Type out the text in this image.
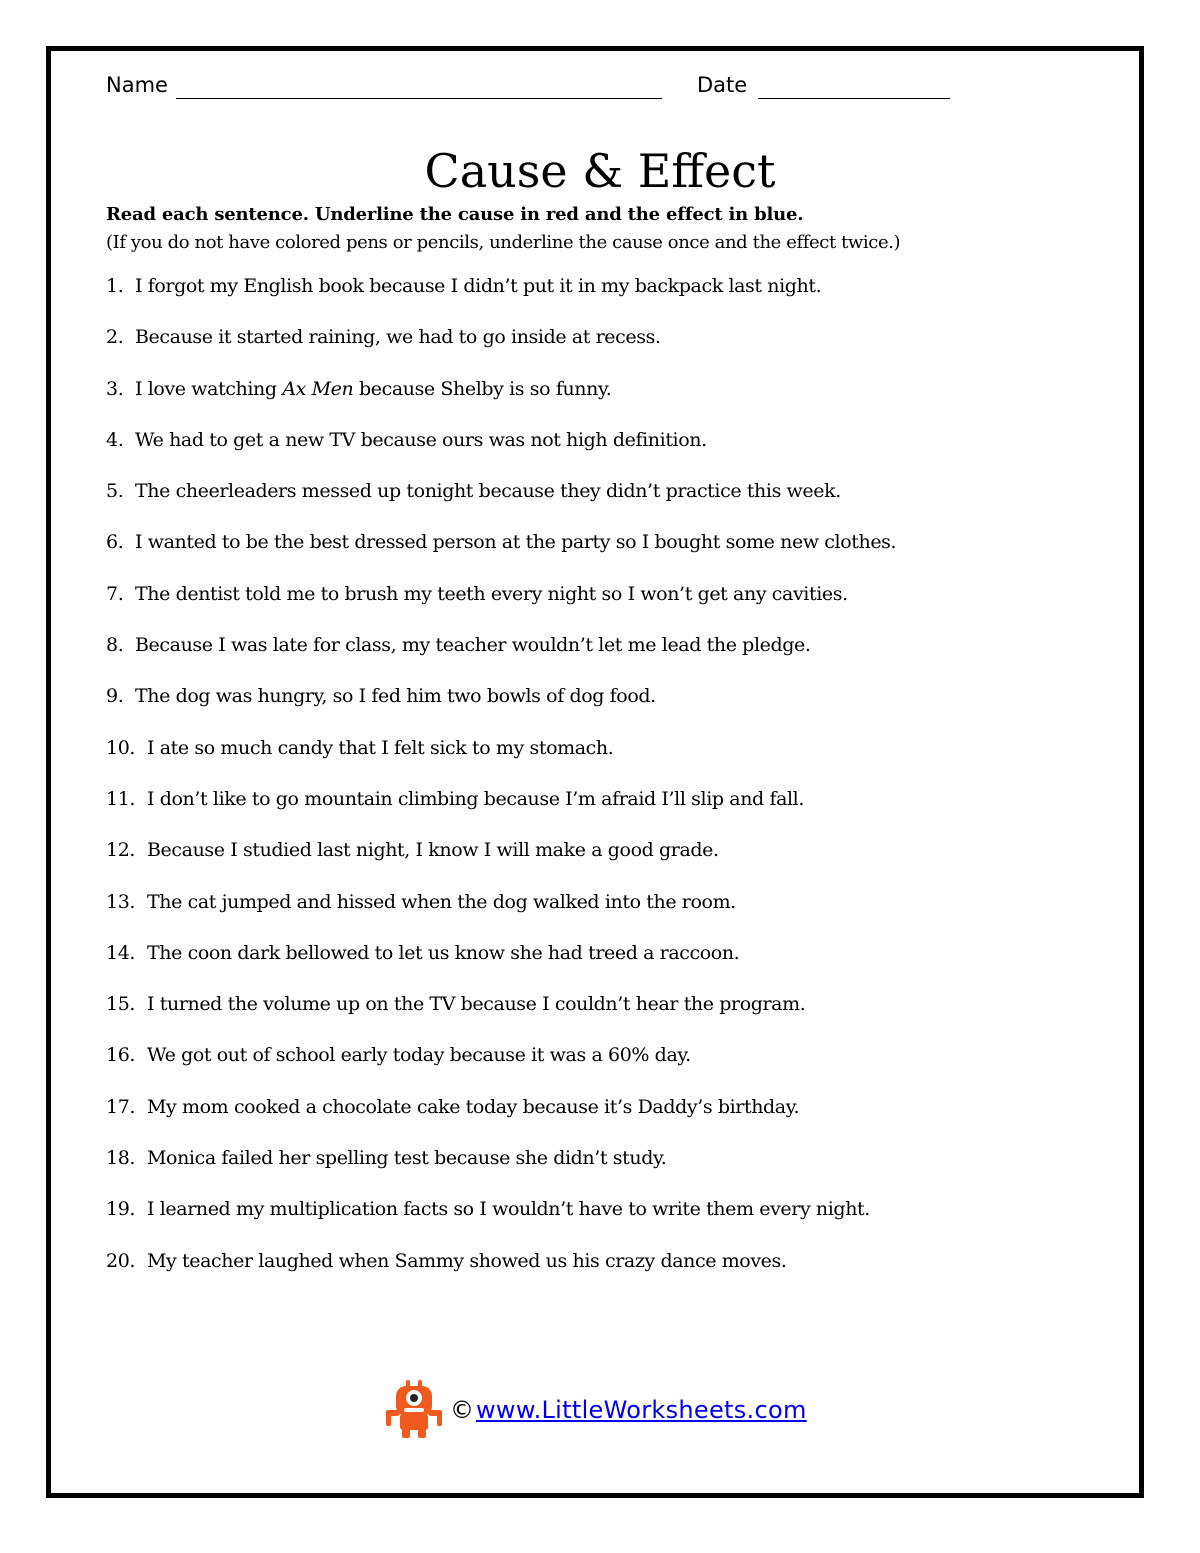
Name	Date
Cause & Effect
Read each sentence. Underline the cause in red and the effect in blue.
(If you do not have colored pens or pencils, underline the cause once and the effect twice.)
1. I forgot my English book because I didn’t put it in my backpack last night.
2. Because it started raining, we had to go inside at recess.
3. I love watching Ax Men because Shelby is so funny.
4. We had to get a new TV because ours was not high definition.
5. The cheerleaders messed up tonight because they didn’t practice this week.
6. I wanted to be the best dressed person at the party so I bought some new clothes.
7. The dentist told me to brush my teeth every night so I won’t get any cavities.
8. Because I was late for class, my teacher wouldn’t let me lead the pledge.
9. The dog was hungry, so I fed him two bowls of dog food.
10. I ate so much candy that I felt sick to my stomach.
11. I don’t like to go mountain climbing because I’m afraid I’ll slip and fall.
12. Because I studied last night, I know I will make a good grade.
13. The cat jumped and hissed when the dog walked into the room.
14. The coon dark bellowed to let us know she had treed a raccoon.
15. I turned the volume up on the TV because I couldn’t hear the program.
16. We got out of school early today because it was a 60% day.
17. My mom cooked a chocolate cake today because it’s Daddy’s birthday.
18. Monica failed her spelling test because she didn’t study.
19. I learned my multiplication facts so I wouldn’t have to write them every night.
20. My teacher laughed when Sammy showed us his crazy dance moves.
© www.LittleWorksheets.com
